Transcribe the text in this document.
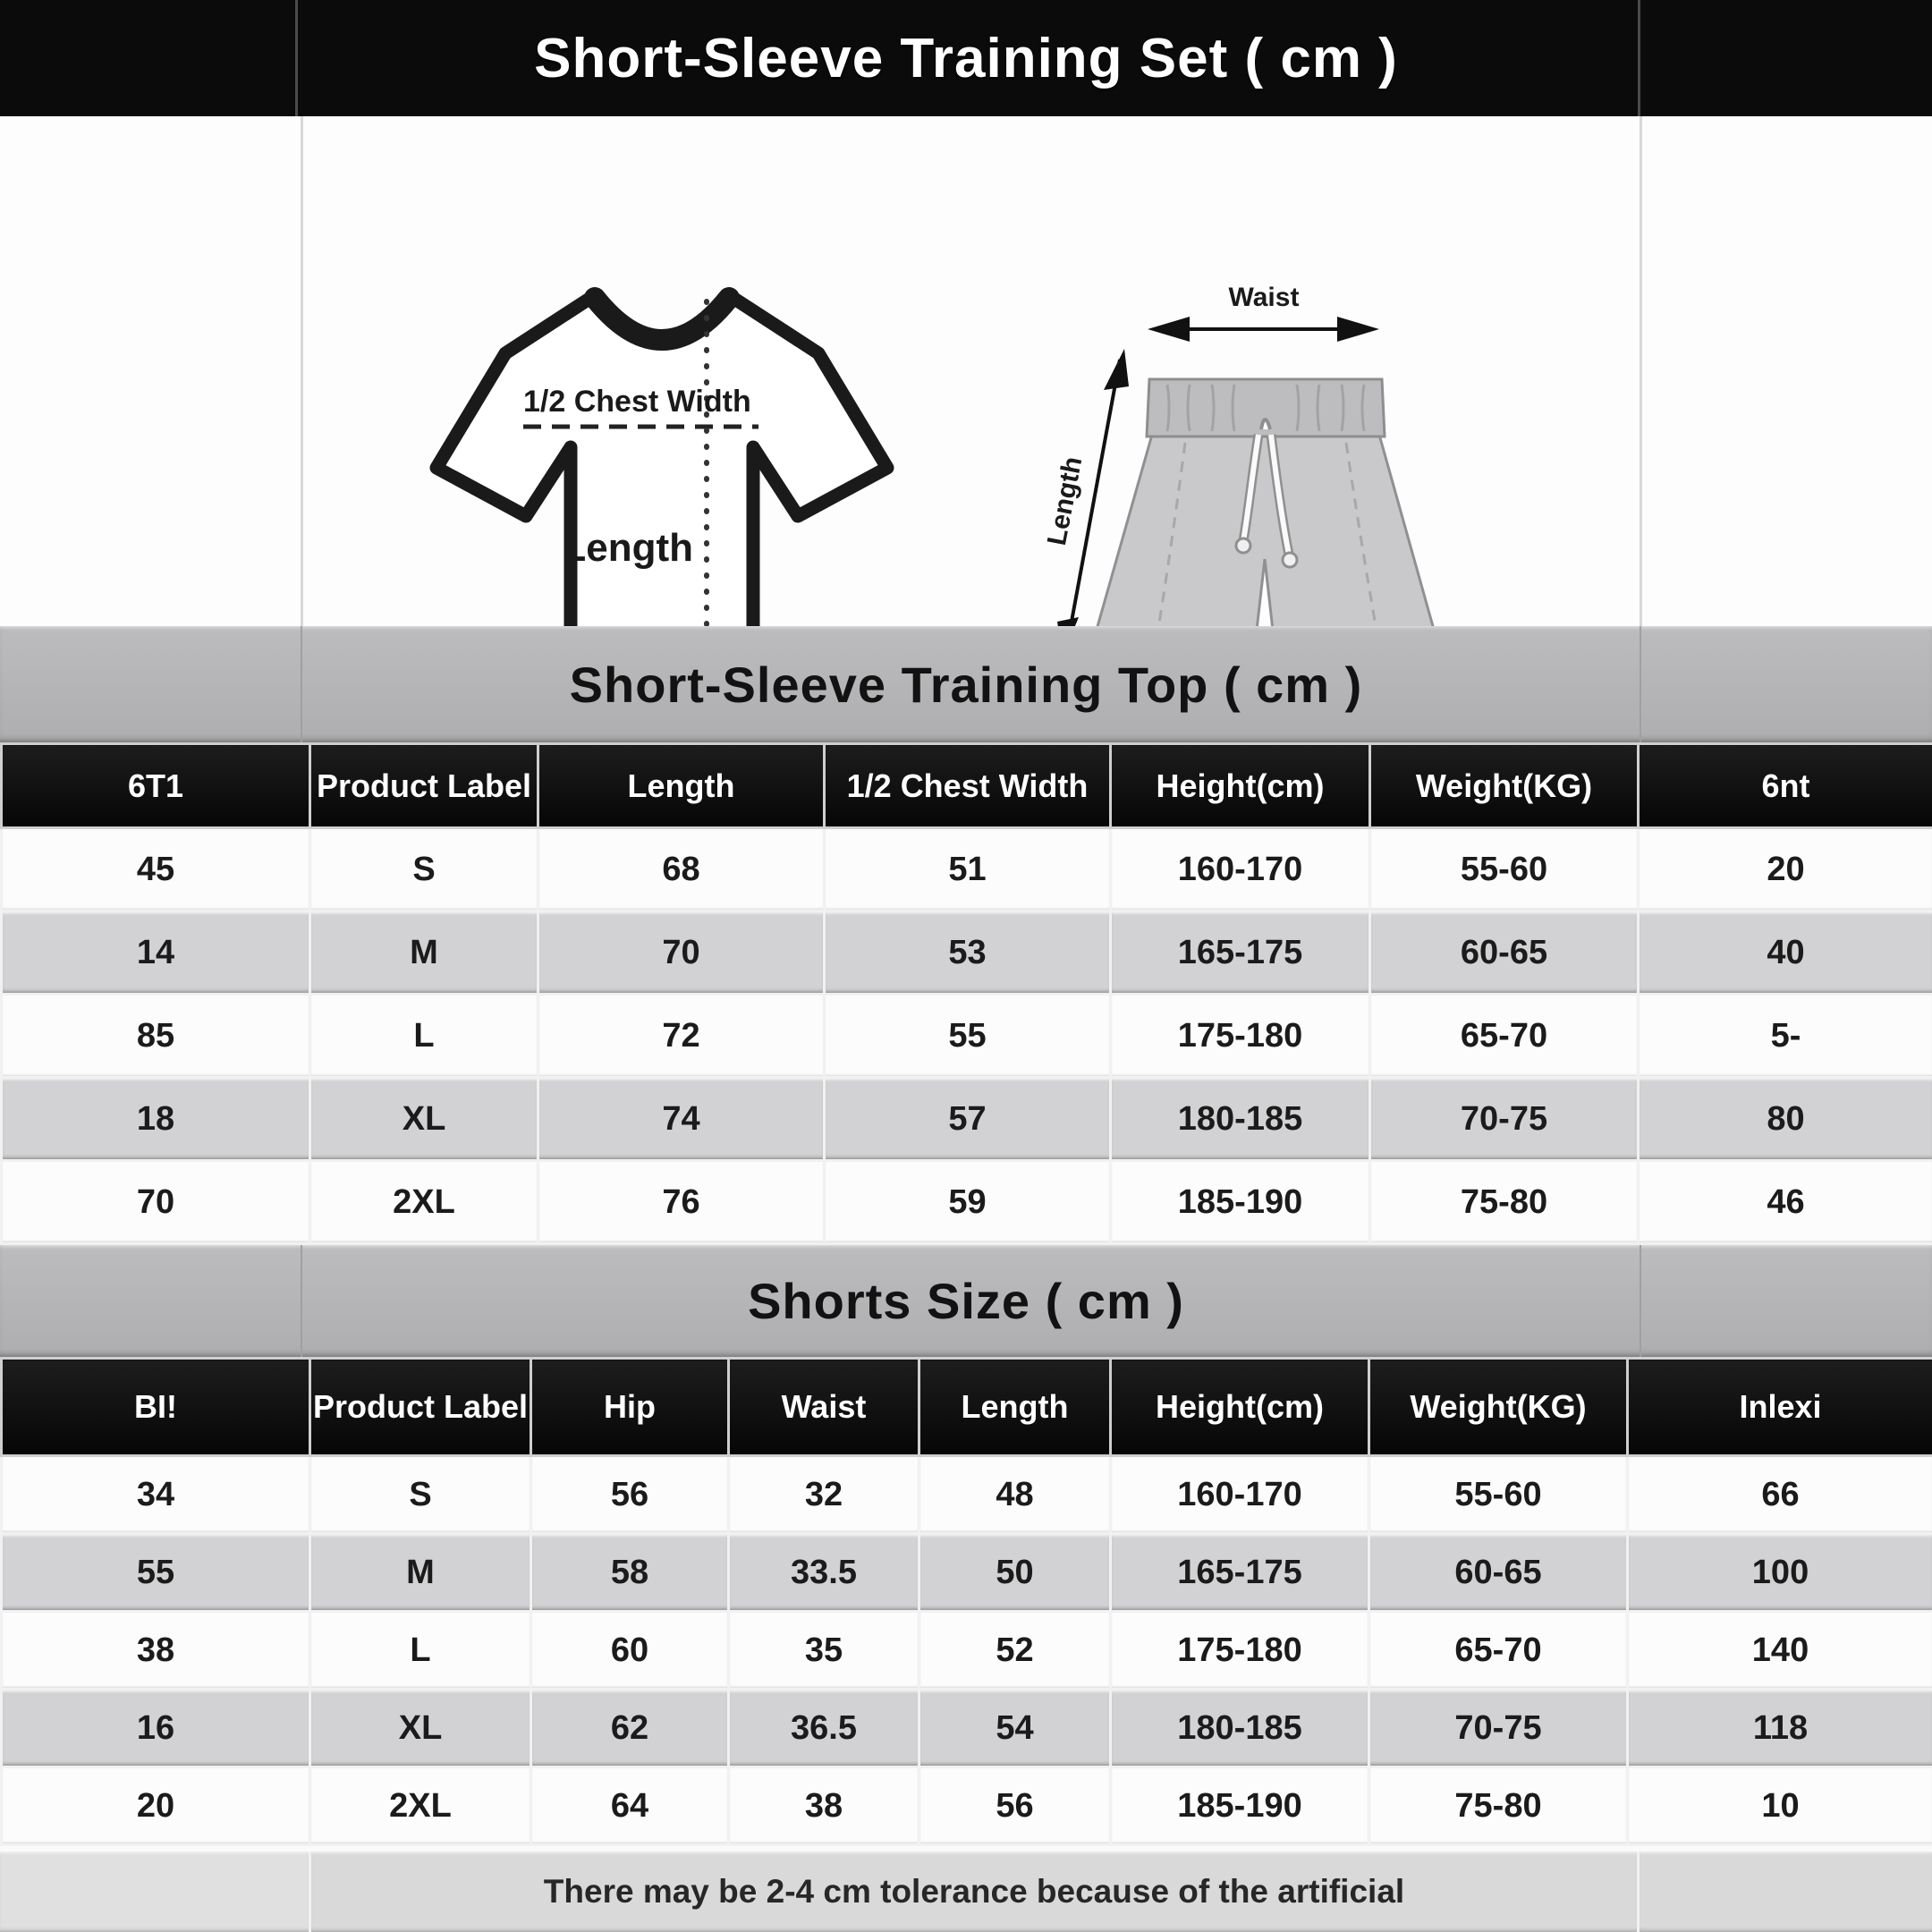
Short-Sleeve Training Set ( cm )
1/2 Chest Width
Length
Waist
Length
Short-Sleeve Training Top ( cm )
6T1	Product Label	Length	1/2 Chest Width	Height(cm)	Weight(KG)	6nt
45	S	68	51	160-170	55-60	20
14	M	70	53	165-175	60-65	40
85	L	72	55	175-180	65-70	5-
18	XL	74	57	180-185	70-75	80
70	2XL	76	59	185-190	75-80	46
Shorts Size ( cm )
BI!	Product Label	Hip	Waist	Length	Height(cm)	Weight(KG)	Inlexi
34	S	56	32	48	160-170	55-60	66
55	M	58	33.5	50	165-175	60-65	100
38	L	60	35	52	175-180	65-70	140
16	XL	62	36.5	54	180-185	70-75	118
20	2XL	64	38	56	185-190	75-80	10
There may be 2-4 cm tolerance because of the artificial
